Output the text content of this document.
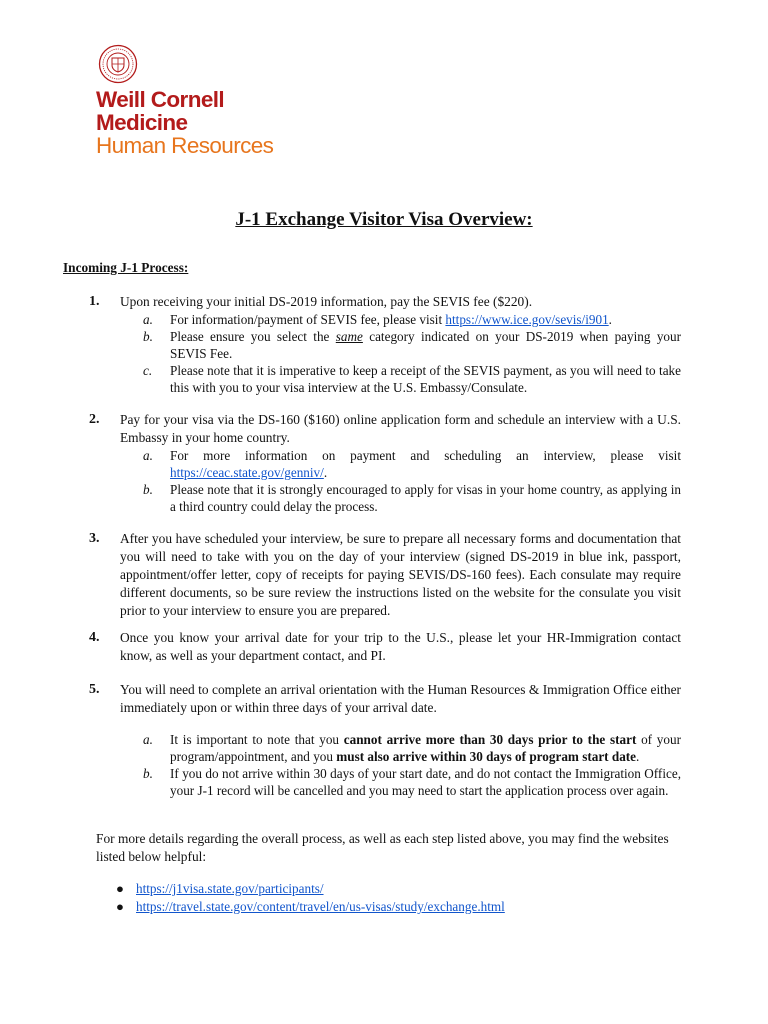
Weill Cornell
Medicine
Human Resources
J-1 Exchange Visitor Visa Overview:
Incoming J-1 Process:
1. Upon receiving your initial DS-2019 information, pay the SEVIS fee ($220).

a. For information/payment of SEVIS fee, please visit https://www.ice.gov/sevis/i901.
b. Please ensure you select the same category indicated on your DS-2019 when paying your SEVIS Fee.
c. Please note that it is imperative to keep a receipt of the SEVIS payment, as you will need to take this with you to your visa interview at the U.S. Embassy/Consulate.
2. Pay for your visa via the DS-160 ($160) online application form and schedule an interview with a U.S. Embassy in your home country.

a. For more information on payment and scheduling an interview, please visit https://ceac.state.gov/genniv/.
b. Please note that it is strongly encouraged to apply for visas in your home country, as applying in a third country could delay the process.
3. After you have scheduled your interview, be sure to prepare all necessary forms and documentation that you will need to take with you on the day of your interview (signed DS-2019 in blue ink, passport, appointment/offer letter, copy of receipts for paying SEVIS/DS-160 fees). Each consulate may require different documents, so be sure review the instructions listed on the website for the consulate you visit prior to your interview to ensure you are prepared.

4. Once you know your arrival date for your trip to the U.S., please let your HR-Immigration contact know, as well as your department contact, and PI.

5. You will need to complete an arrival orientation with the Human Resources & Immigration Office either immediately upon or within three days of your arrival date.

a. It is important to note that you cannot arrive more than 30 days prior to the start of your program/appointment, and you must also arrive within 30 days of program start date.
b. If you do not arrive within 30 days of your start date, and do not contact the Immigration Office, your J-1 record will be cancelled and you may need to start the application process over again.

For more details regarding the overall process, as well as each step listed above, you may find the websites listed below helpful:

● https://j1visa.state.gov/participants/
● https://travel.state.gov/content/travel/en/us-visas/study/exchange.html
